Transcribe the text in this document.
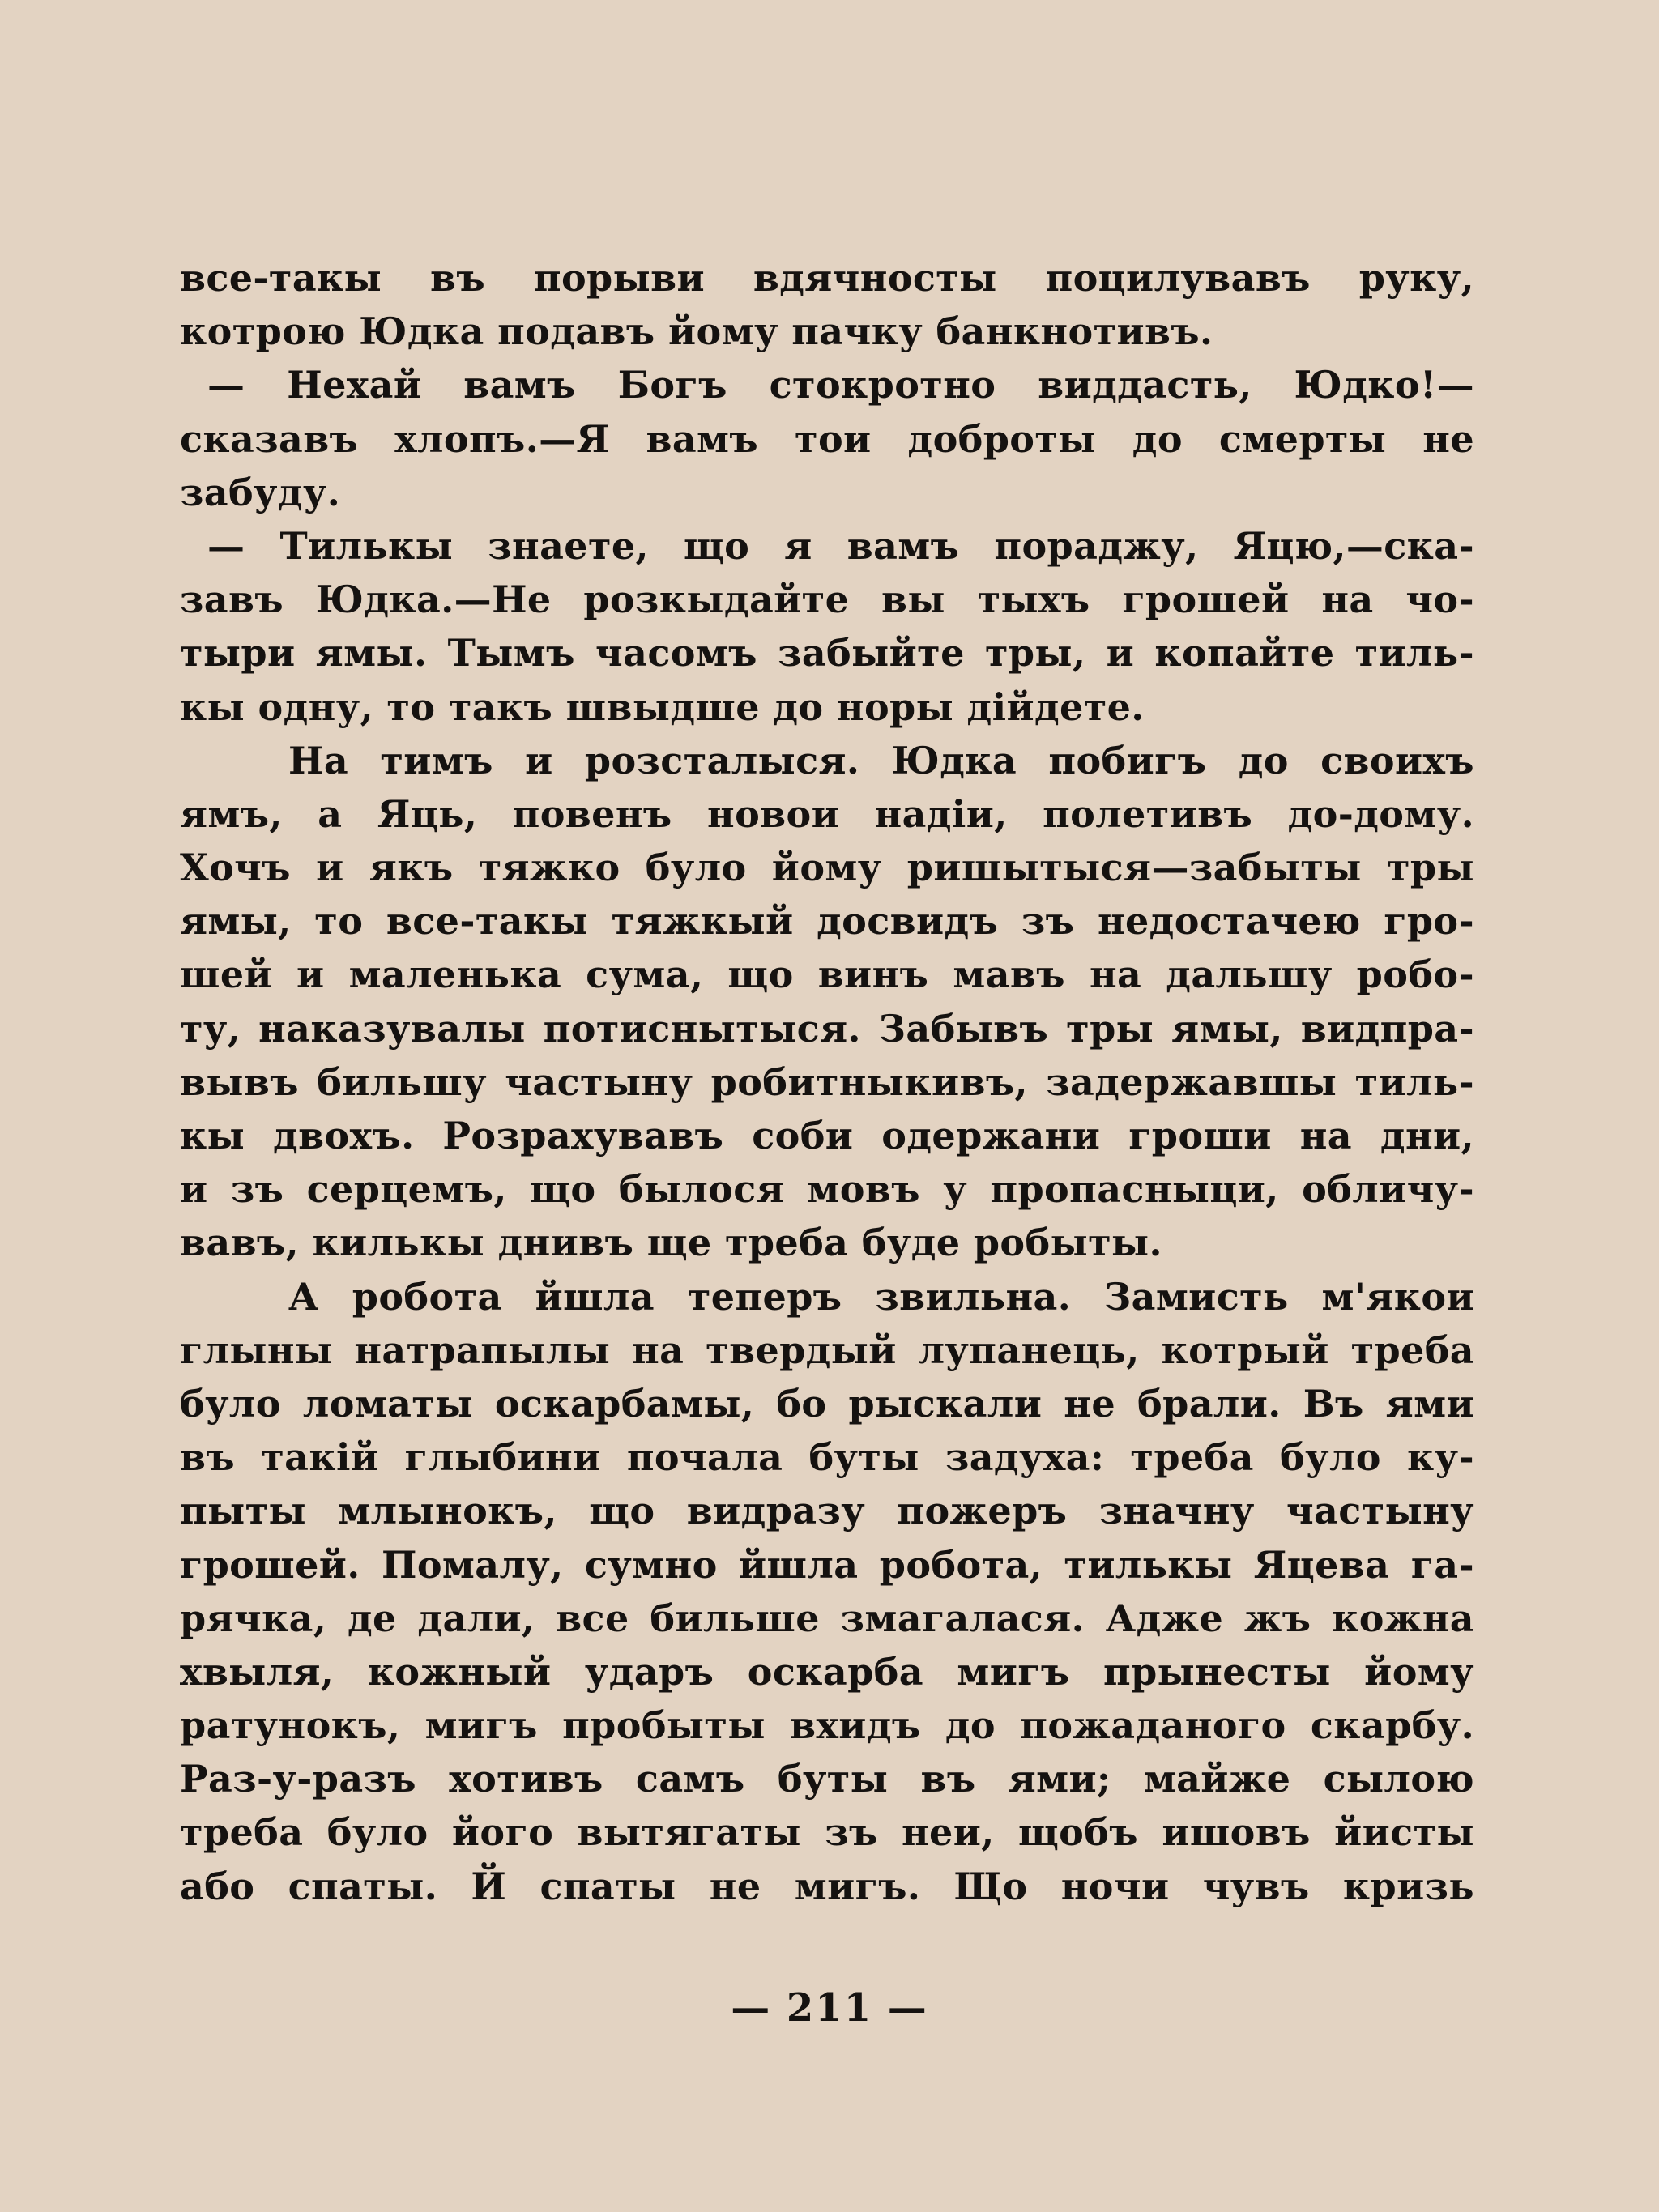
все-такы въ порыви вдячносты поцилувавъ руку,
котрою Юдка подавъ йому пачку банкнотивъ.
— Нехай вамъ Богъ стокротно виддасть, Юдко!—
сказавъ хлопъ.—Я вамъ тои доброты до смерты не
забуду.
— Тилькы знаете, що я вамъ пораджу, Яцю,—ска-
завъ Юдка.—Не розкыдайте вы тыхъ грошей на чо-
тыри ямы. Тымъ часомъ забыйте тры, и копайте тиль-
кы одну, то такъ швыдше до норы дійдете.
На тимъ и розсталыся. Юдка побигъ до своихъ
ямъ, а Яць, повенъ новои надіи, полетивъ до-дому.
Хочъ и якъ тяжко було йому ришытыся—забыты тры
ямы, то все-такы тяжкый досвидъ зъ недостачею гро-
шей и маленька сума, що винъ мавъ на дальшу робо-
ту, наказувалы потиснытыся. Забывъ тры ямы, видпра-
вывъ бильшу частыну робитныкивъ, задержавшы тиль-
кы двохъ. Розрахувавъ соби одержани гроши на дни,
и зъ серцемъ, що былося мовъ у пропасныци, обличу-
вавъ, килькы днивъ ще треба буде робыты.
А робота йшла теперъ звильна. Замисть м'якои
глыны натрапылы на твердый лупанець, котрый треба
було ломаты оскарбамы, бо рыскали не брали. Въ ями
въ такій глыбини почала буты задуха: треба було ку-
пыты млынокъ, що видразу пожеръ значну частыну
грошей. Помалу, сумно йшла робота, тилькы Яцева га-
рячка, де дали, все бильше змагалася. Адже жъ кожна
хвыля, кожный ударъ оскарба мигъ прынесты йому
ратунокъ, мигъ пробыты вхидъ до пожаданого скарбу.
Раз-у-разъ хотивъ самъ буты въ ями; майже сылою
треба було його вытягаты зъ неи, щобъ ишовъ йисты
або спаты. Й спаты не мигъ. Що ночи чувъ кризь
— 211 —
